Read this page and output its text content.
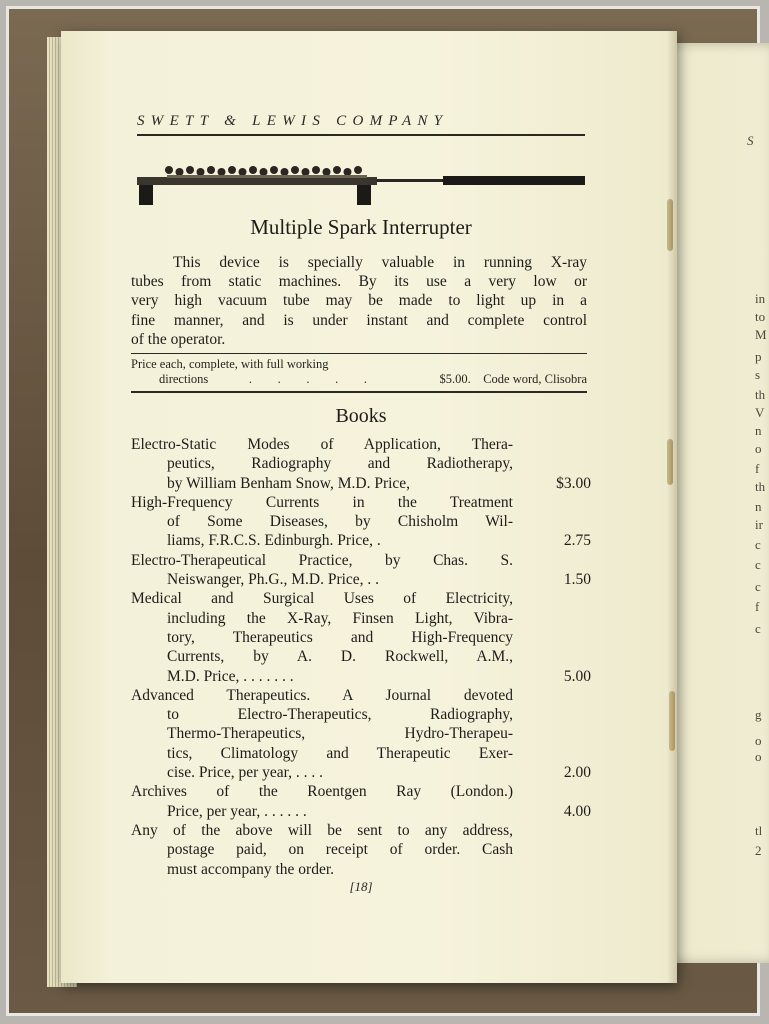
S
in
to
M
p
s
th
V
n
o
f
th
n
ir
c
c
c
f
c
g
o
o
tl
2
SWETT & LEWIS COMPANY
Multiple Spark Interrupter
This device is specially valuable in running X-ray
tubes from static machines. By its use a very low or
very high vacuum tube may be made to light up in a
fine manner, and is under instant and complete control
of the operator.
Price each, complete, with full working
directions	. . . . .	$5.00. Code word, Clisobra
Books
Electro-Static Modes of Application, Thera-
peutics, Radiography and Radiotherapy,
by William Benham Snow, M.D. Price,	$3.00
High-Frequency Currents in the Treatment
of Some Diseases, by Chisholm Wil-
liams, F.R.C.S. Edinburgh. Price, .	2.75
Electro-Therapeutical Practice, by Chas. S.
Neiswanger, Ph.G., M.D. Price, . .	1.50
Medical and Surgical Uses of Electricity,
including the X-Ray, Finsen Light, Vibra-
tory, Therapeutics and High-Frequency
Currents, by A. D. Rockwell, A.M.,
M.D. Price, . . . . . . .	5.00
Advanced Therapeutics. A Journal devoted
to Electro-Therapeutics, Radiography,
Thermo-Therapeutics, Hydro-Therapeu-
tics, Climatology and Therapeutic Exer-
cise. Price, per year, . . . .	2.00
Archives of the Roentgen Ray (London.)
Price, per year, . . . . . .	4.00
Any of the above will be sent to any address,
postage paid, on receipt of order. Cash
must accompany the order.
[18]
